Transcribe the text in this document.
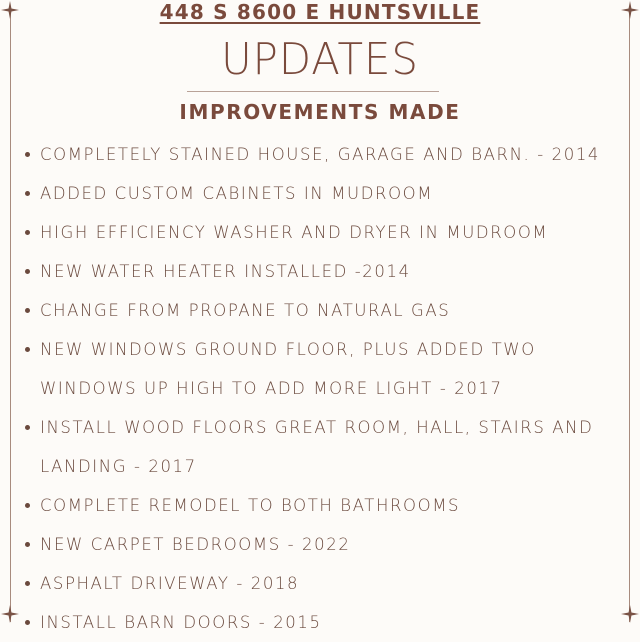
448 S 8600 E HUNTSVILLE
UPDATES
IMPROVEMENTS MADE
COMPLETELY STAINED HOUSE, GARAGE AND BARN. - 2014
ADDED CUSTOM CABINETS IN MUDROOM
HIGH EFFICIENCY WASHER AND DRYER IN MUDROOM
NEW WATER HEATER INSTALLED -2014
CHANGE FROM PROPANE TO NATURAL GAS
NEW WINDOWS GROUND FLOOR, PLUS ADDED TWO WINDOWS UP HIGH TO ADD MORE LIGHT - 2017
INSTALL WOOD FLOORS GREAT ROOM, HALL, STAIRS AND LANDING - 2017
COMPLETE REMODEL TO BOTH BATHROOMS
NEW CARPET BEDROOMS - 2022
ASPHALT DRIVEWAY - 2018
INSTALL BARN DOORS - 2015
